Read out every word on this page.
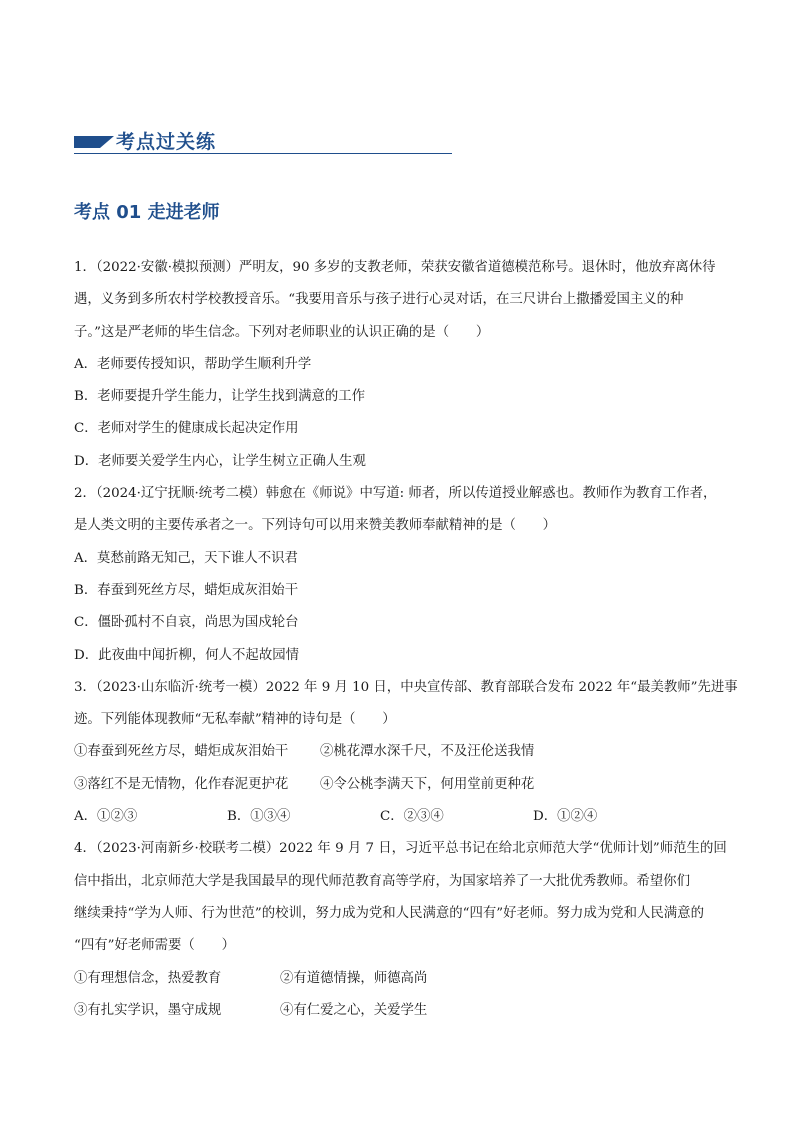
考点过关练
考点 01 走进老师
1．（2022·安徽·模拟预测）严明友，90 多岁的支教老师，荣获安徽省道德模范称号。退休时，他放弃离休待
遇，义务到多所农村学校教授音乐。“我要用音乐与孩子进行心灵对话，在三尺讲台上撒播爱国主义的种
子。”这是严老师的毕生信念。下列对老师职业的认识正确的是（　　）
A．老师要传授知识，帮助学生顺利升学
B．老师要提升学生能力，让学生找到满意的工作
C．老师对学生的健康成长起决定作用
D．老师要关爱学生内心，让学生树立正确人生观
2．（2024·辽宁抚顺·统考二模）韩愈在《师说》中写道: 师者，所以传道授业解惑也。教师作为教育工作者，
是人类文明的主要传承者之一。下列诗句可以用来赞美教师奉献精神的是（　　）
A．莫愁前路无知己，天下谁人不识君
B．春蚕到死丝方尽，蜡炬成灰泪始干
C．僵卧孤村不自哀，尚思为国戍轮台
D．此夜曲中闻折柳，何人不起故园情
3．（2023·山东临沂·统考一模）2022 年 9 月 10 日，中央宣传部、教育部联合发布 2022 年“最美教师”先进事
迹。下列能体现教师“无私奉献”精神的诗句是（　　）
①春蚕到死丝方尽，蜡炬成灰泪始干	②桃花潭水深千尺，不及汪伦送我情
③落红不是无情物，化作春泥更护花	④令公桃李满天下，何用堂前更种花
A．①②③	B．①③④	C．②③④	D．①②④
4．（2023·河南新乡·校联考二模）2022 年 9 月 7 日，习近平总书记在给北京师范大学“优师计划”师范生的回
信中指出，北京师范大学是我国最早的现代师范教育高等学府，为国家培养了一大批优秀教师。希望你们
继续秉持“学为人师、行为世范”的校训，努力成为党和人民满意的“四有”好老师。努力成为党和人民满意的
“四有”好老师需要（　　）
①有理想信念，热爱教育	②有道德情操，师德高尚
③有扎实学识，墨守成规	④有仁爱之心，关爱学生
